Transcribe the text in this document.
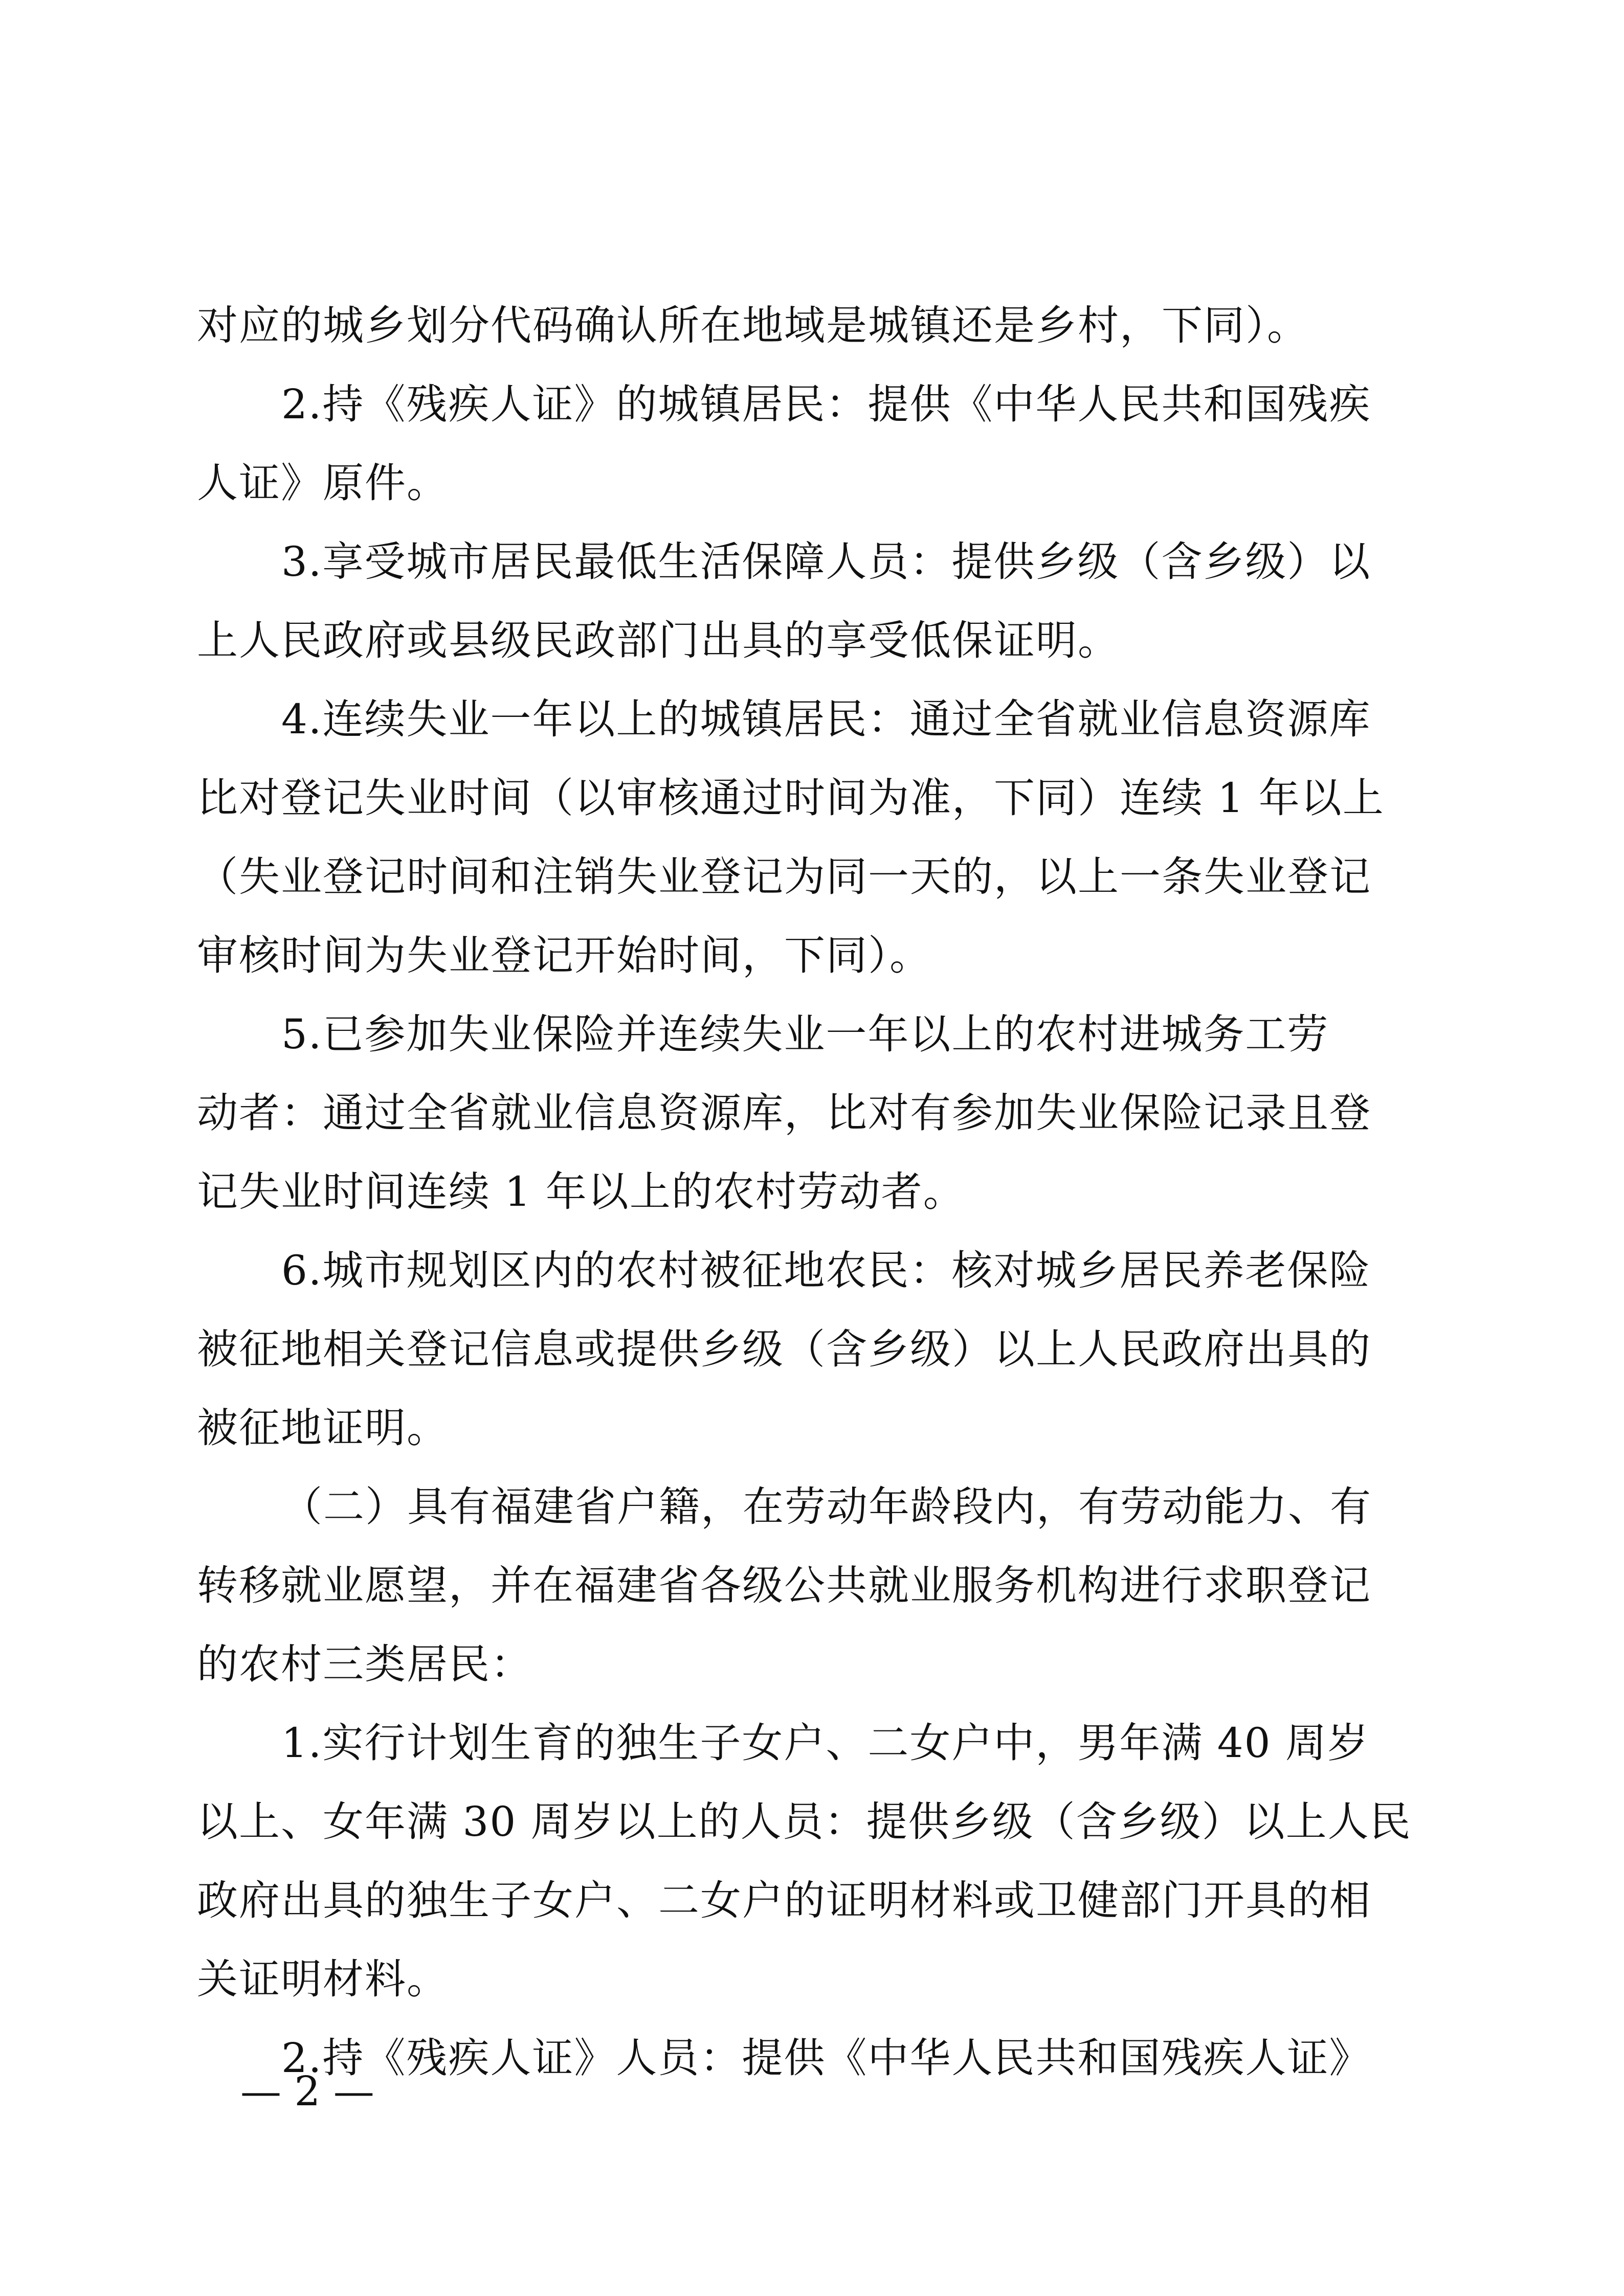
对应的城乡划分代码确认所在地域是城镇还是乡村，下同）。
2.持《残疾人证》的城镇居民：提供《中华人民共和国残疾
人证》原件。
3.享受城市居民最低生活保障人员：提供乡级（含乡级）以
上人民政府或县级民政部门出具的享受低保证明。
4.连续失业一年以上的城镇居民：通过全省就业信息资源库
比对登记失业时间（以审核通过时间为准，下同）连续 1 年以上
（失业登记时间和注销失业登记为同一天的，以上一条失业登记
审核时间为失业登记开始时间，下同）。
5.已参加失业保险并连续失业一年以上的农村进城务工劳
动者：通过全省就业信息资源库，比对有参加失业保险记录且登
记失业时间连续 1 年以上的农村劳动者。
6.城市规划区内的农村被征地农民：核对城乡居民养老保险
被征地相关登记信息或提供乡级（含乡级）以上人民政府出具的
被征地证明。
（二）具有福建省户籍，在劳动年龄段内，有劳动能力、有
转移就业愿望，并在福建省各级公共就业服务机构进行求职登记
的农村三类居民：
1.实行计划生育的独生子女户、二女户中，男年满 40 周岁
以上、女年满 30 周岁以上的人员：提供乡级（含乡级）以上人民
政府出具的独生子女户、二女户的证明材料或卫健部门开具的相
关证明材料。
2.持《残疾人证》人员：提供《中华人民共和国残疾人证》
— 2 —
